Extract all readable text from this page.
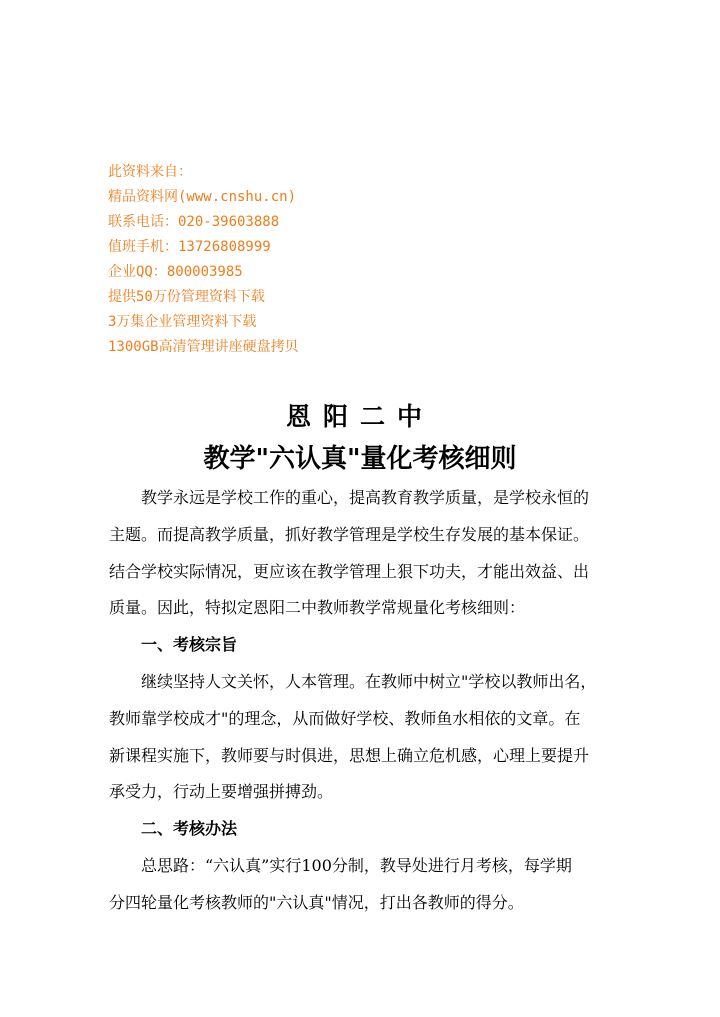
此资料来自：
精品资料网(www.cnshu.cn)
联系电话：020-39603888
值班手机：13726808999
企业QQ：800003985
提供50万份管理资料下载
3万集企业管理资料下载
1300GB高清管理讲座硬盘拷贝
恩阳二中
教学"六认真"量化考核细则
教学永远是学校工作的重心，提高教育教学质量，是学校永恒的
主题。而提高教学质量，抓好教学管理是学校生存发展的基本保证。
结合学校实际情况，更应该在教学管理上狠下功夫，才能出效益、出
质量。因此，特拟定恩阳二中教师教学常规量化考核细则：
一、考核宗旨
继续坚持人文关怀，人本管理。在教师中树立"学校以教师出名，
教师靠学校成才"的理念，从而做好学校、教师鱼水相依的文章。在
新课程实施下，教师要与时俱进，思想上确立危机感，心理上要提升
承受力，行动上要增强拼搏劲。
二、考核办法
总思路：“六认真”实行100分制，教导处进行月考核，每学期
分四轮量化考核教师的"六认真"情况，打出各教师的得分。
